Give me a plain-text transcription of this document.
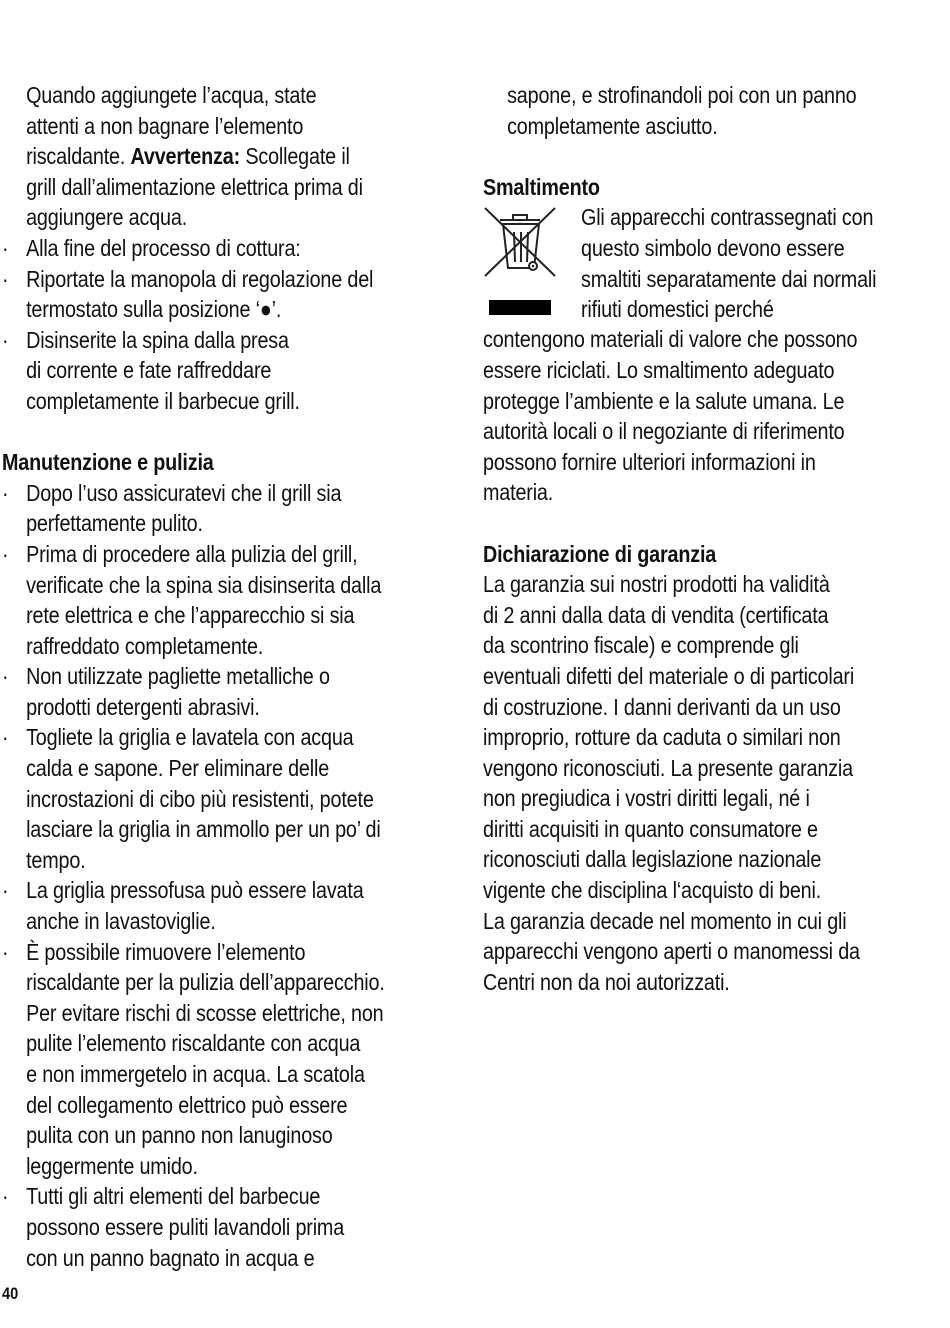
Quando aggiungete l’acqua, state
attenti a non bagnare l’elemento
riscaldante. Avvertenza: Scollegate il
grill dall’alimentazione elettrica prima di
aggiungere acqua.
· Alla fine del processo di cottura:
· Riportate la manopola di regolazione del
termostato sulla posizione ‘●’.
· Disinserite la spina dalla presa
di corrente e fate raffreddare
completamente il barbecue grill.
Manutenzione e pulizia
· Dopo l’uso assicuratevi che il grill sia
perfettamente pulito.
· Prima di procedere alla pulizia del grill,
verificate che la spina sia disinserita dalla
rete elettrica e che l’apparecchio si sia
raffreddato completamente.
· Non utilizzate pagliette metalliche o
prodotti detergenti abrasivi.
· Togliete la griglia e lavatela con acqua
calda e sapone. Per eliminare delle
incrostazioni di cibo più resistenti, potete
lasciare la griglia in ammollo per un po’ di
tempo.
· La griglia pressofusa può essere lavata
anche in lavastoviglie.
· È possibile rimuovere l’elemento
riscaldante per la pulizia dell’apparecchio.
Per evitare rischi di scosse elettriche, non
pulite l’elemento riscaldante con acqua
e non immergetelo in acqua. La scatola
del collegamento elettrico può essere
pulita con un panno non lanuginoso
leggermente umido.
· Tutti gli altri elementi del barbecue
possono essere puliti lavandoli prima
con un panno bagnato in acqua e
sapone, e strofinandoli poi con un panno
completamente asciutto.
Smaltimento
Gli apparecchi contrassegnati con
questo simbolo devono essere
smaltiti separatamente dai normali
rifiuti domestici perché
contengono materiali di valore che possono
essere riciclati. Lo smaltimento adeguato
protegge l’ambiente e la salute umana. Le
autorità locali o il negoziante di riferimento
possono fornire ulteriori informazioni in
materia.
Dichiarazione di garanzia
La garanzia sui nostri prodotti ha validità
di 2 anni dalla data di vendita (certificata
da scontrino fiscale) e comprende gli
eventuali difetti del materiale o di particolari
di costruzione. I danni derivanti da un uso
improprio, rotture da caduta o similari non
vengono riconosciuti. La presente garanzia
non pregiudica i vostri diritti legali, né i
diritti acquisiti in quanto consumatore e
riconosciuti dalla legislazione nazionale
vigente che disciplina l‘acquisto di beni.
La garanzia decade nel momento in cui gli
apparecchi vengono aperti o manomessi da
Centri non da noi autorizzati.
40
